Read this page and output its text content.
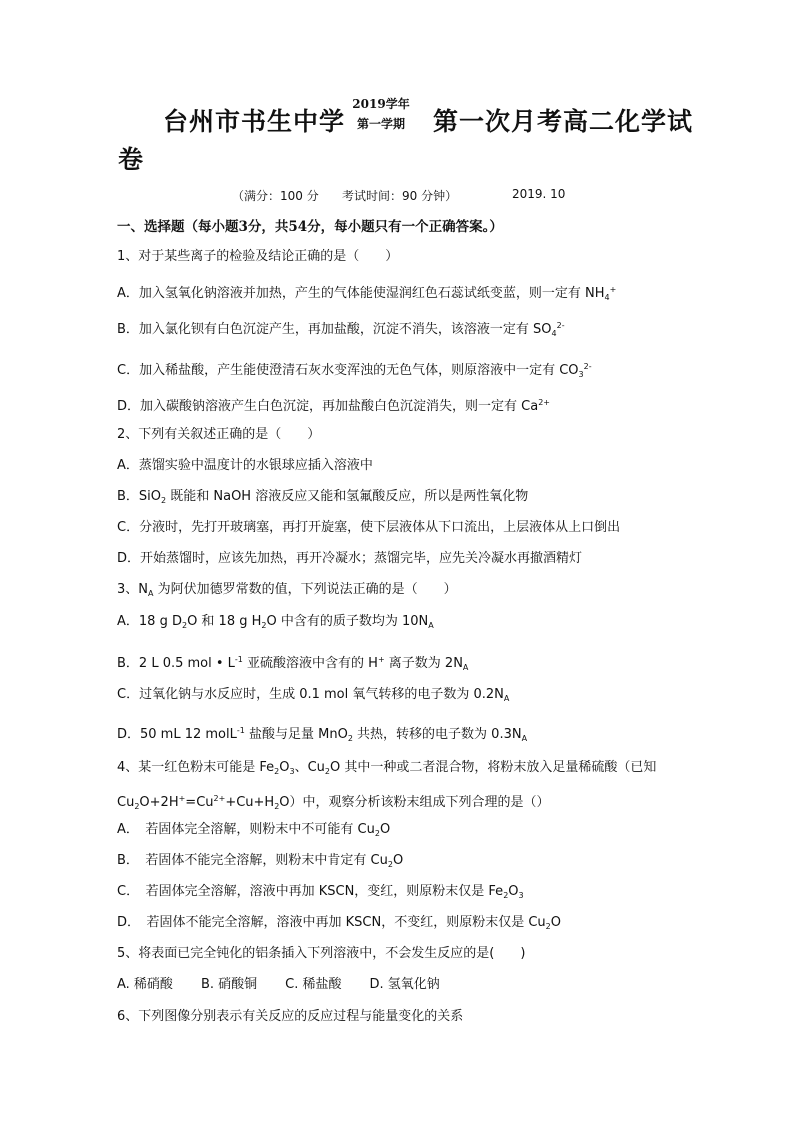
台州市书生中学
2019学年
第一学期 第一次月考高二化学试
卷
（满分：100 分 考试时间：90 分钟）	2019. 10
一、选择题（每小题3分，共54分，每小题只有一个正确答案。）
1、对于某些离子的检验及结论正确的是（　　）
A．加入氢氧化钠溶液并加热，产生的气体能使湿润红色石蕊试纸变蓝，则一定有 $NH_4^+$
B．加入氯化钡有白色沉淀产生，再加盐酸，沉淀不消失，该溶液一定有 $SO_4^{2-}$
C．加入稀盐酸，产生能使澄清石灰水变浑浊的无色气体，则原溶液中一定有 $CO_3^{2-}$
D．加入碳酸钠溶液产生白色沉淀，再加盐酸白色沉淀消失，则一定有 $Ca^{2+}$
2、下列有关叙述正确的是（　　）
A．蒸馏实验中温度计的水银球应插入溶液中
B．SiO$_2$ 既能和 NaOH 溶液反应又能和氢氟酸反应，所以是两性氧化物
C．分液时，先打开玻璃塞，再打开旋塞，使下层液体从下口流出，上层液体从上口倒出
D．开始蒸馏时，应该先加热，再开冷凝水；蒸馏完毕，应先关冷凝水再撤酒精灯
3、$N_A$ 为阿伏加德罗常数的值，下列说法正确的是（　　）
A．18 g $D_2O$ 和 18 g $H_2O$ 中含有的质子数均为 $10N_A$
B．2 L 0.5 mol • $L^{-1}$ 亚硫酸溶液中含有的 H+ 离子数为 $2N_A$
C．过氧化钠与水反应时，生成 0.1 mol 氧气转移的电子数为 $0.2N_A$
D．50 mL 12 molL$^{-1}$ 盐酸与足量 MnO$_2$ 共热，转移的电子数为 $0.3N_A$
4、某一红色粉末可能是 $Fe_2O_3$、$Cu_2O$ 其中一种或二者混合物，将粉末放入足量稀硫酸（已知
$Cu_2O+2H^+=Cu^{2+}+Cu+H_2O$）中，观察分析该粉末组成下列合理的是（）
A．　若固体完全溶解，则粉末中不可能有 $Cu_2O$
B．　若固体不能完全溶解，则粉末中肯定有 $Cu_2O$
C．　若固体完全溶解，溶液中再加 KSCN，变红，则原粉末仅是 $Fe_2O_3$
D．　若固体不能完全溶解，溶液中再加 KSCN，不变红，则原粉末仅是 $Cu_2O$
5、将表面已完全钝化的铝条插入下列溶液中，不会发生反应的是(　　)
A. 稀硝酸 B. 硝酸铜 C. 稀盐酸 D. 氢氧化钠
6、下列图像分别表示有关反应的反应过程与能量变化的关系
